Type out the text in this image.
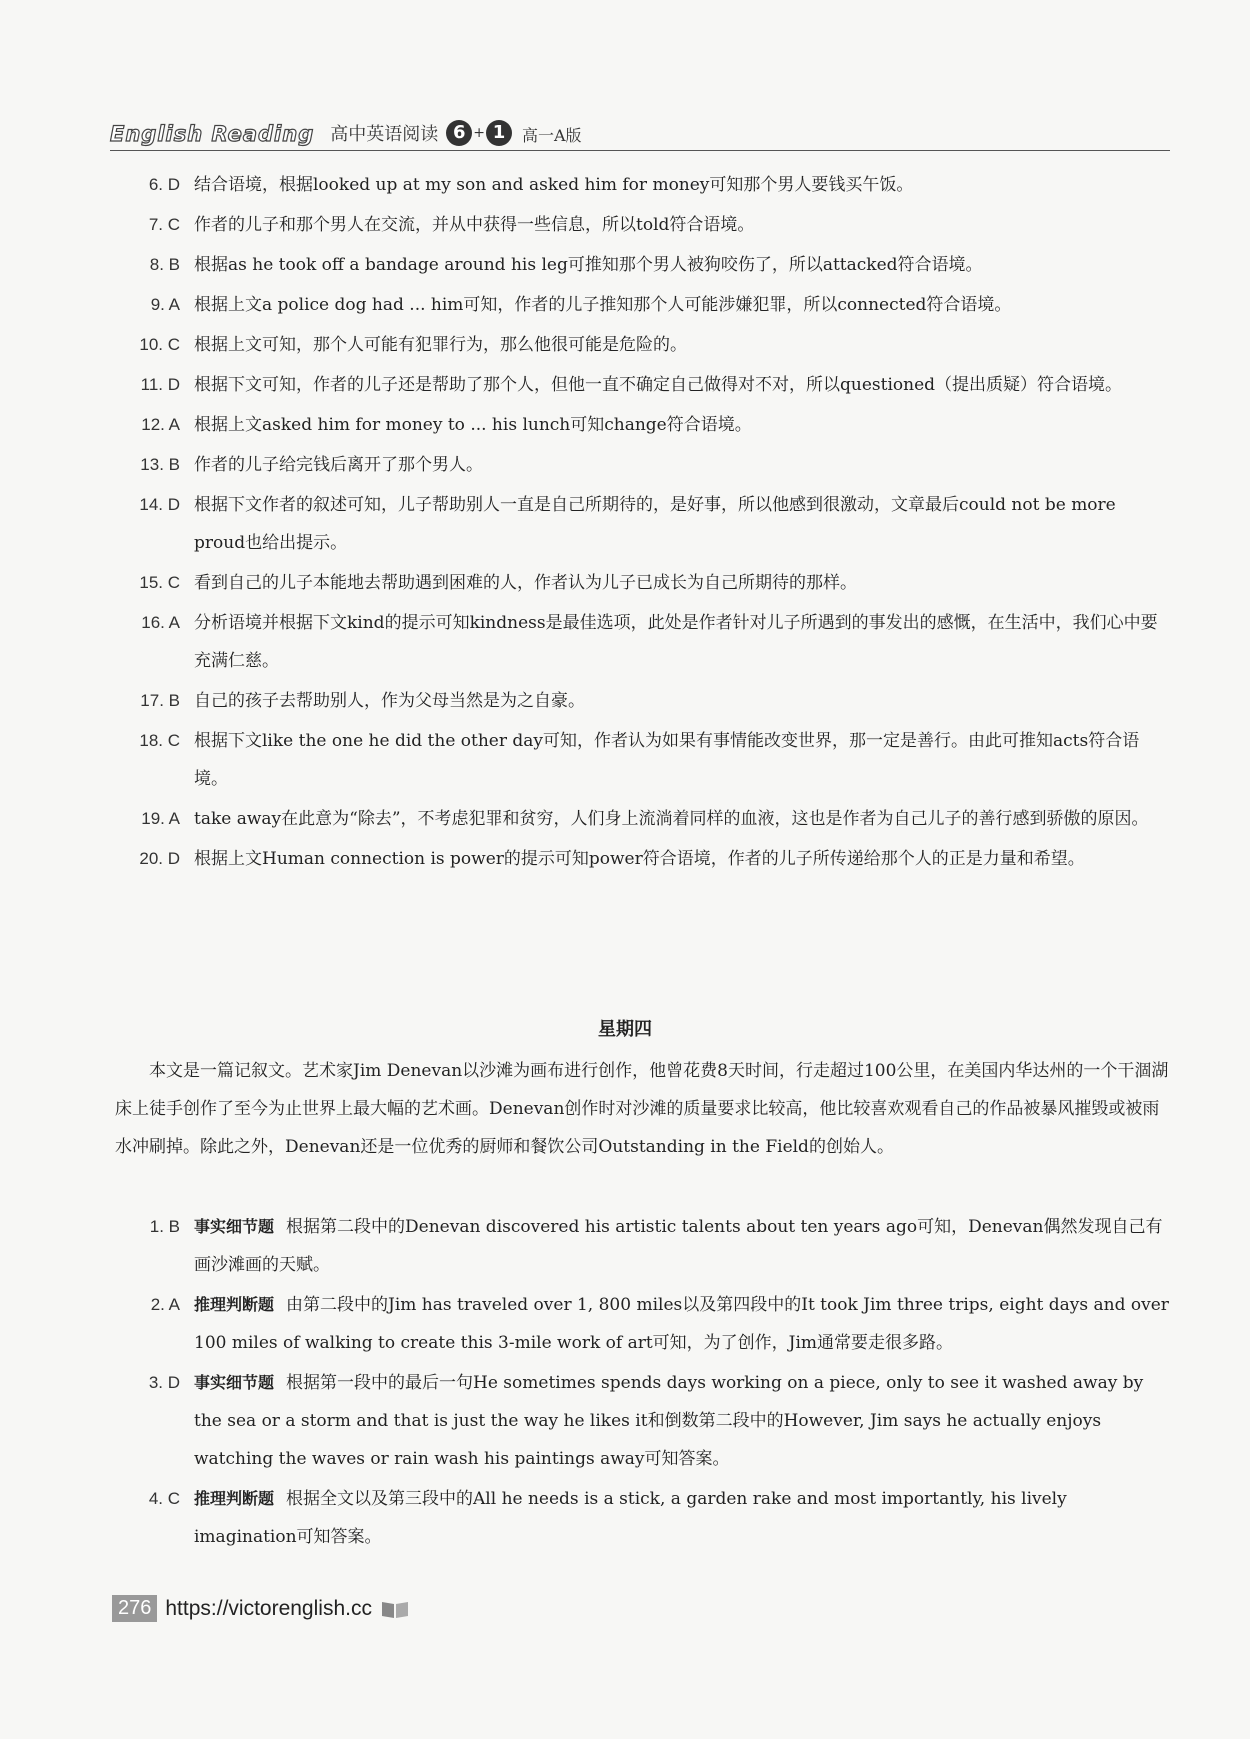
English Reading 高中英语阅读 6 + 1	高一A版
6. D 结合语境，根据looked up at my son and asked him for money可知那个男人要钱买午饭。
7. C 作者的儿子和那个男人在交流，并从中获得一些信息，所以told符合语境。
8. B 根据as he took off a bandage around his leg可推知那个男人被狗咬伤了，所以attacked符合语境。
9. A 根据上文a police dog had ... him可知，作者的儿子推知那个人可能涉嫌犯罪，所以connected符合语境。
10. C 根据上文可知，那个人可能有犯罪行为，那么他很可能是危险的。
11. D 根据下文可知，作者的儿子还是帮助了那个人，但他一直不确定自己做得对不对，所以questioned（提出质疑）符合语境。
12. A 根据上文asked him for money to ... his lunch可知change符合语境。
13. B 作者的儿子给完钱后离开了那个男人。
14. D 根据下文作者的叙述可知，儿子帮助别人一直是自己所期待的，是好事，所以他感到很激动，文章最后could not be more proud也给出提示。
15. C 看到自己的儿子本能地去帮助遇到困难的人，作者认为儿子已成长为自己所期待的那样。
16. A 分析语境并根据下文kind的提示可知kindness是最佳选项，此处是作者针对儿子所遇到的事发出的感慨，在生活中，我们心中要充满仁慈。
17. B 自己的孩子去帮助别人，作为父母当然是为之自豪。
18. C 根据下文like the one he did the other day可知，作者认为如果有事情能改变世界，那一定是善行。由此可推知acts符合语境。
19. A take away在此意为“除去”，不考虑犯罪和贫穷，人们身上流淌着同样的血液，这也是作者为自己儿子的善行感到骄傲的原因。
20. D 根据上文Human connection is power的提示可知power符合语境，作者的儿子所传递给那个人的正是力量和希望。
星期四
本文是一篇记叙文。艺术家Jim Denevan以沙滩为画布进行创作，他曾花费8天时间，行走超过100公里，在美国内华达州的一个干涸湖床上徒手创作了至今为止世界上最大幅的艺术画。Denevan创作时对沙滩的质量要求比较高，他比较喜欢观看自己的作品被暴风摧毁或被雨水冲刷掉。除此之外，Denevan还是一位优秀的厨师和餐饮公司Outstanding in the Field的创始人。
1. B 事实细节题 根据第二段中的Denevan discovered his artistic talents about ten years ago可知，Denevan偶然发现自己有画沙滩画的天赋。
2. A 推理判断题 由第二段中的Jim has traveled over 1, 800 miles以及第四段中的It took Jim three trips, eight days and over 100 miles of walking to create this 3-mile work of art可知，为了创作，Jim通常要走很多路。
3. D 事实细节题 根据第一段中的最后一句He sometimes spends days working on a piece, only to see it washed away by the sea or a storm and that is just the way he likes it和倒数第二段中的However, Jim says he actually enjoys watching the waves or rain wash his paintings away可知答案。
4. C 推理判断题 根据全文以及第三段中的All he needs is a stick, a garden rake and most importantly, his lively imagination可知答案。
276 https://victorenglish.cc
